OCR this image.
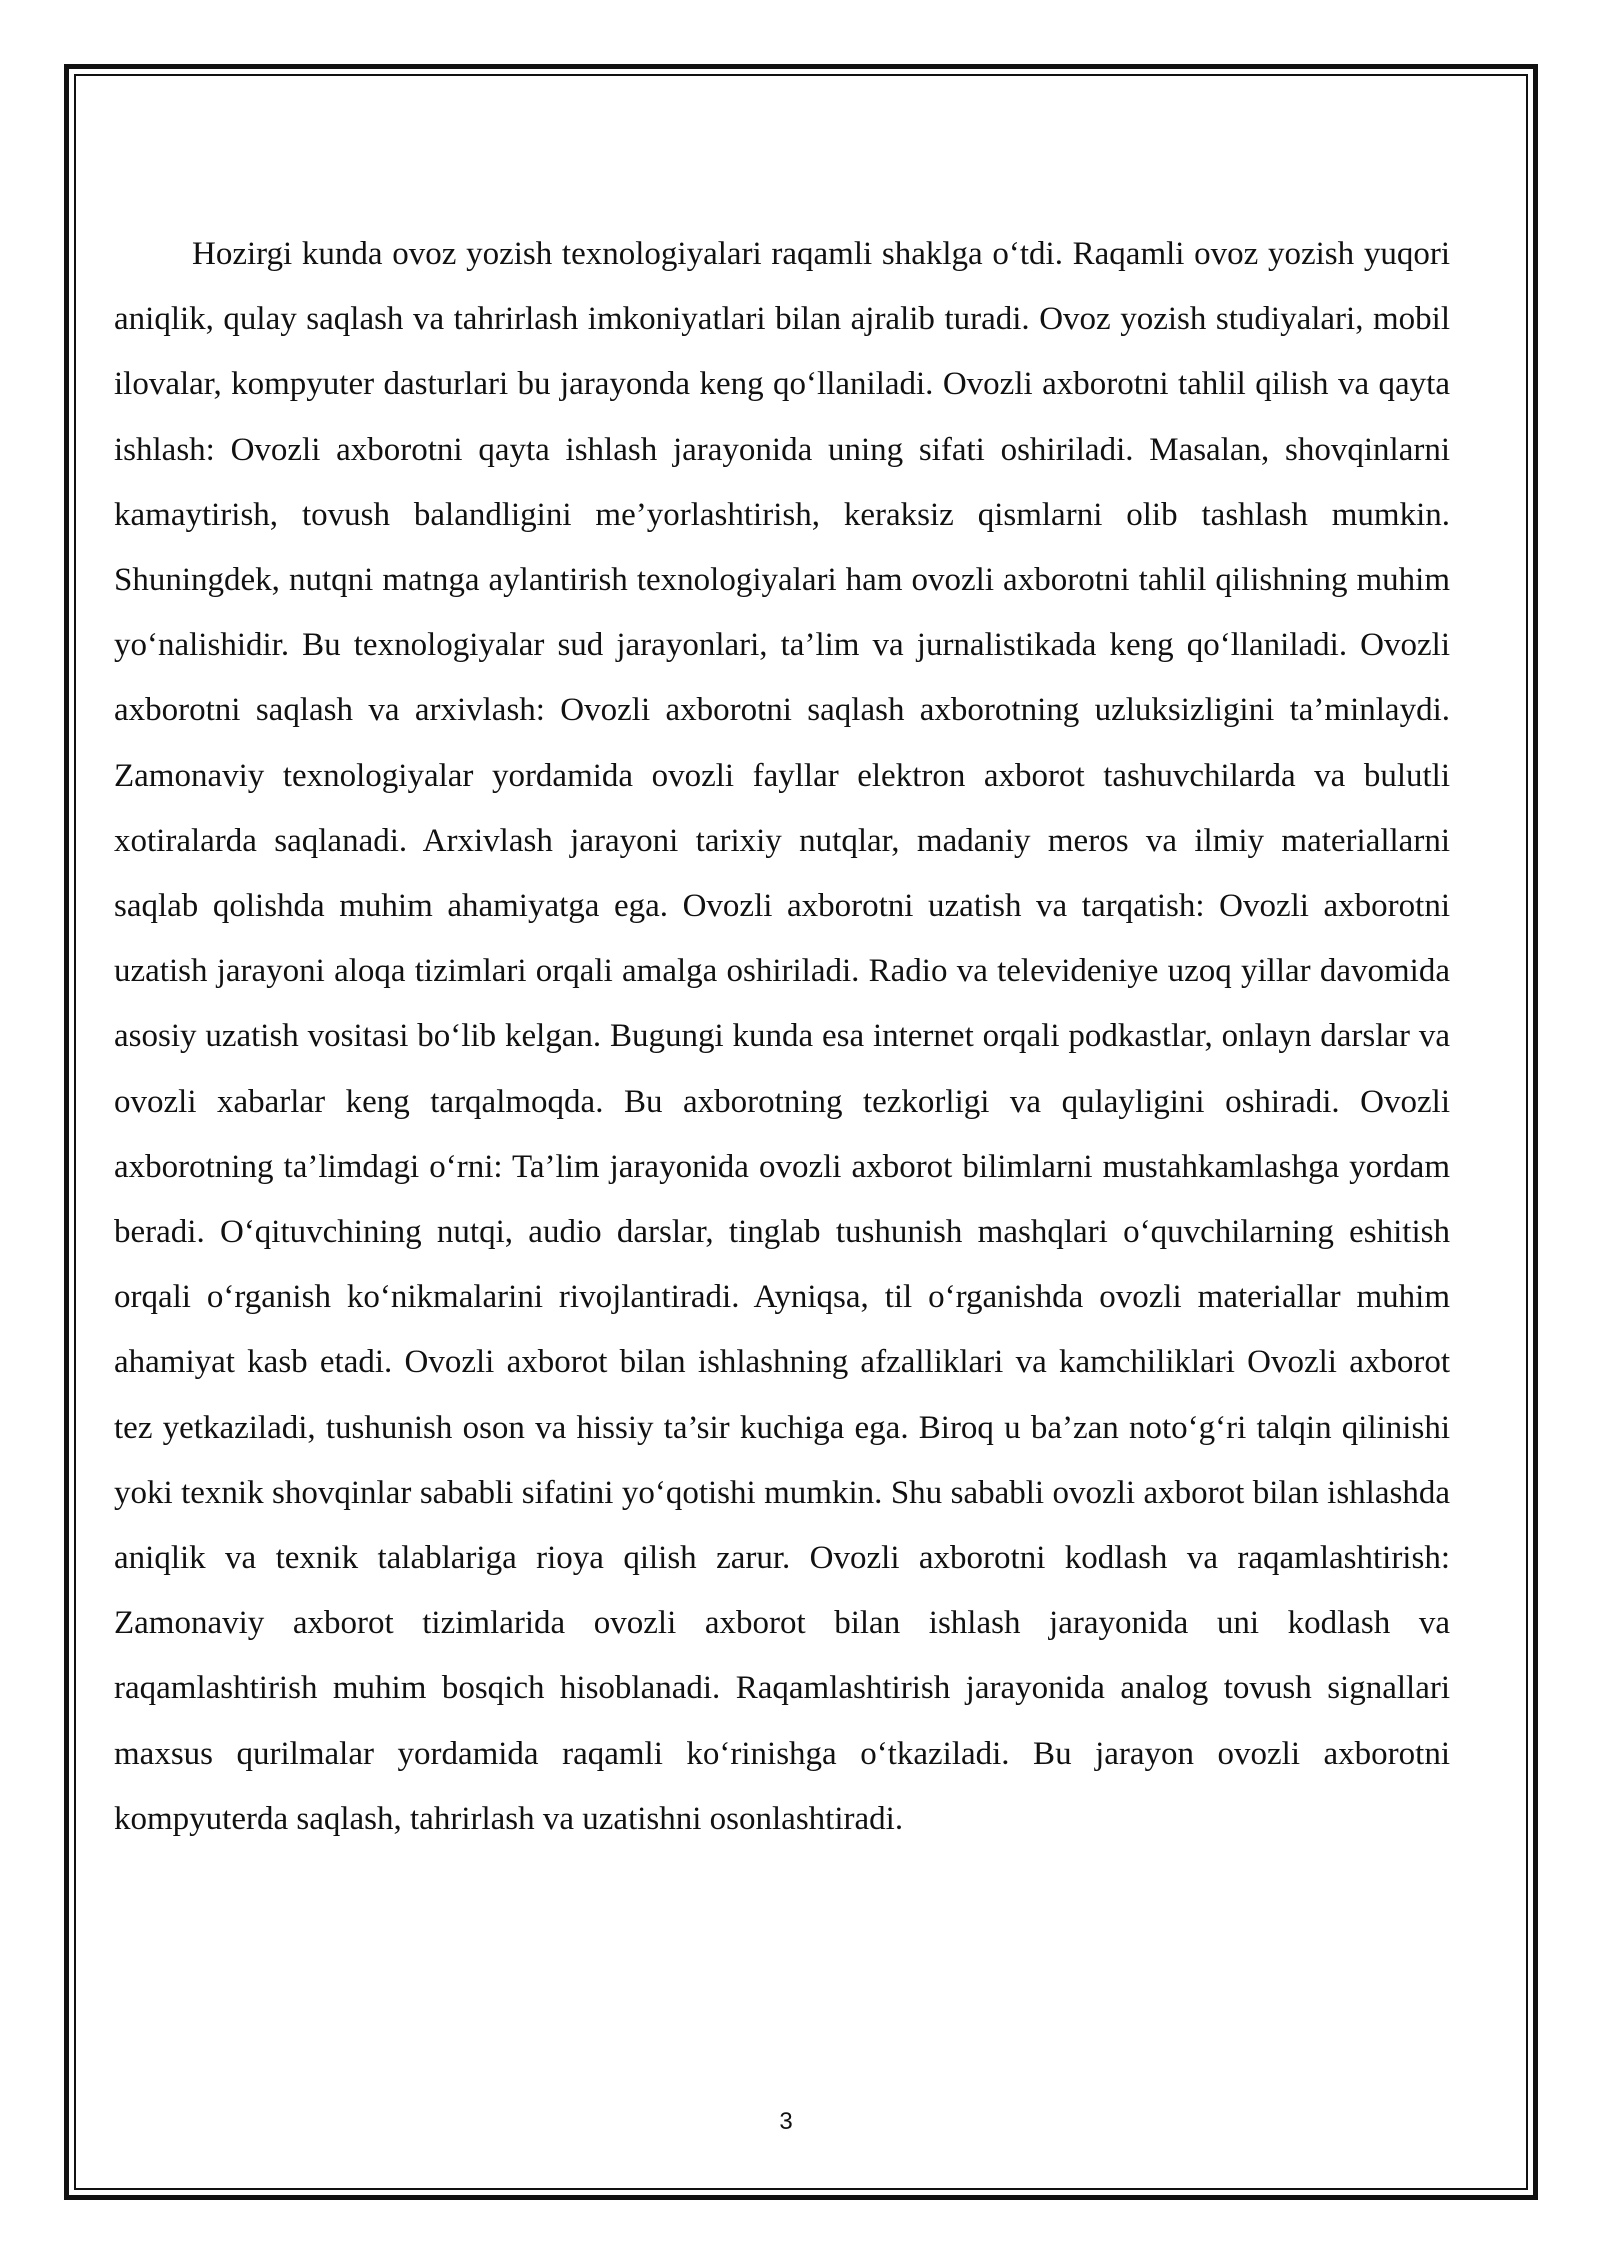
Hozirgi kunda ovoz yozish texnologiyalari raqamli shaklga o‘tdi. Raqamli ovoz yozish yuqori aniqlik, qulay saqlash va tahrirlash imkoniyatlari bilan ajralib turadi. Ovoz yozish studiyalari, mobil ilovalar, kompyuter dasturlari bu jarayonda keng qo‘llaniladi. Ovozli axborotni tahlil qilish va qayta ishlash: Ovozli axborotni qayta ishlash jarayonida uning sifati oshiriladi. Masalan, shovqinlarni kamaytirish, tovush balandligini me’yorlashtirish, keraksiz qismlarni olib tashlash mumkin. Shuningdek, nutqni matnga aylantirish texnologiyalari ham ovozli axborotni tahlil qilishning muhim yo‘nalishidir. Bu texnologiyalar sud jarayonlari, ta’lim va jurnalistikada keng qo‘llaniladi. Ovozli axborotni saqlash va arxivlash: Ovozli axborotni saqlash axborotning uzluksizligini ta’minlaydi. Zamonaviy texnologiyalar yordamida ovozli fayllar elektron axborot tashuvchilarda va bulutli xotiralarda saqlanadi. Arxivlash jarayoni tarixiy nutqlar, madaniy meros va ilmiy materiallarni saqlab qolishda muhim ahamiyatga ega. Ovozli axborotni uzatish va tarqatish: Ovozli axborotni uzatish jarayoni aloqa tizimlari orqali amalga oshiriladi. Radio va televideniye uzoq yillar davomida asosiy uzatish vositasi bo‘lib kelgan. Bugungi kunda esa internet orqali podkastlar, onlayn darslar va ovozli xabarlar keng tarqalmoqda. Bu axborotning tezkorligi va qulayligini oshiradi. Ovozli axborotning ta’limdagi o‘rni: Ta’lim jarayonida ovozli axborot bilimlarni mustahkamlashga yordam beradi. O‘qituvchining nutqi, audio darslar, tinglab tushunish mashqlari o‘quvchilarning eshitish orqali o‘rganish ko‘nikmalarini rivojlantiradi. Ayniqsa, til o‘rganishda ovozli materiallar muhim ahamiyat kasb etadi. Ovozli axborot bilan ishlashning afzalliklari va kamchiliklari Ovozli axborot tez yetkaziladi, tushunish oson va hissiy ta’sir kuchiga ega. Biroq u ba’zan noto‘g‘ri talqin qilinishi yoki texnik shovqinlar sababli sifatini yo‘qotishi mumkin. Shu sababli ovozli axborot bilan ishlashda aniqlik va texnik talablariga rioya qilish zarur. Ovozli axborotni kodlash va raqamlashtirish: Zamonaviy axborot tizimlarida ovozli axborot bilan ishlash jarayonida uni kodlash va raqamlashtirish muhim bosqich hisoblanadi. Raqamlashtirish jarayonida analog tovush signallari maxsus qurilmalar yordamida raqamli ko‘rinishga o‘tkaziladi. Bu jarayon ovozli axborotni kompyuterda saqlash, tahrirlash va uzatishni osonlashtiradi.

3
